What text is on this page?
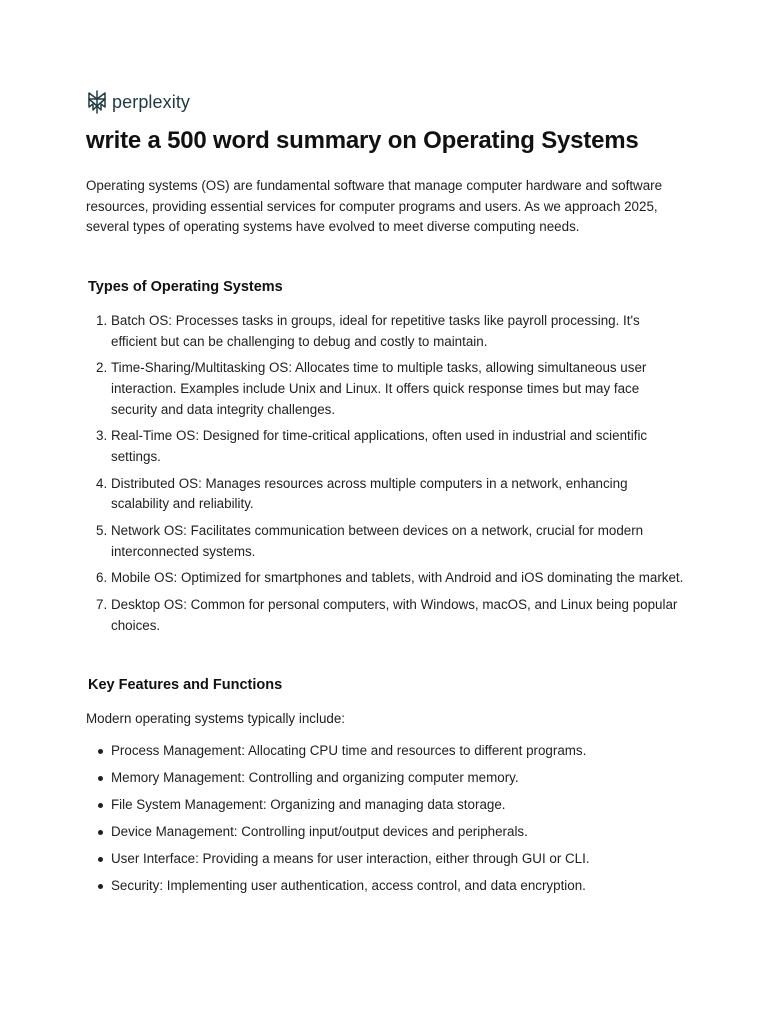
perplexity
write a 500 word summary on Operating Systems

Operating systems (OS) are fundamental software that manage computer hardware and software resources, providing essential services for computer programs and users. As we approach 2025, several types of operating systems have evolved to meet diverse computing needs.

Types of Operating Systems
1. Batch OS: Processes tasks in groups, ideal for repetitive tasks like payroll processing. It's efficient but can be challenging to debug and costly to maintain.
2. Time-Sharing/Multitasking OS: Allocates time to multiple tasks, allowing simultaneous user interaction. Examples include Unix and Linux. It offers quick response times but may face security and data integrity challenges.
3. Real-Time OS: Designed for time-critical applications, often used in industrial and scientific settings.
4. Distributed OS: Manages resources across multiple computers in a network, enhancing scalability and reliability.
5. Network OS: Facilitates communication between devices on a network, crucial for modern interconnected systems.
6. Mobile OS: Optimized for smartphones and tablets, with Android and iOS dominating the market.
7. Desktop OS: Common for personal computers, with Windows, macOS, and Linux being popular choices.
Key Features and Functions

Modern operating systems typically include:

Process Management: Allocating CPU time and resources to different programs.
Memory Management: Controlling and organizing computer memory.
File System Management: Organizing and managing data storage.
Device Management: Controlling input/output devices and peripherals.
User Interface: Providing a means for user interaction, either through GUI or CLI.
Security: Implementing user authentication, access control, and data encryption.
